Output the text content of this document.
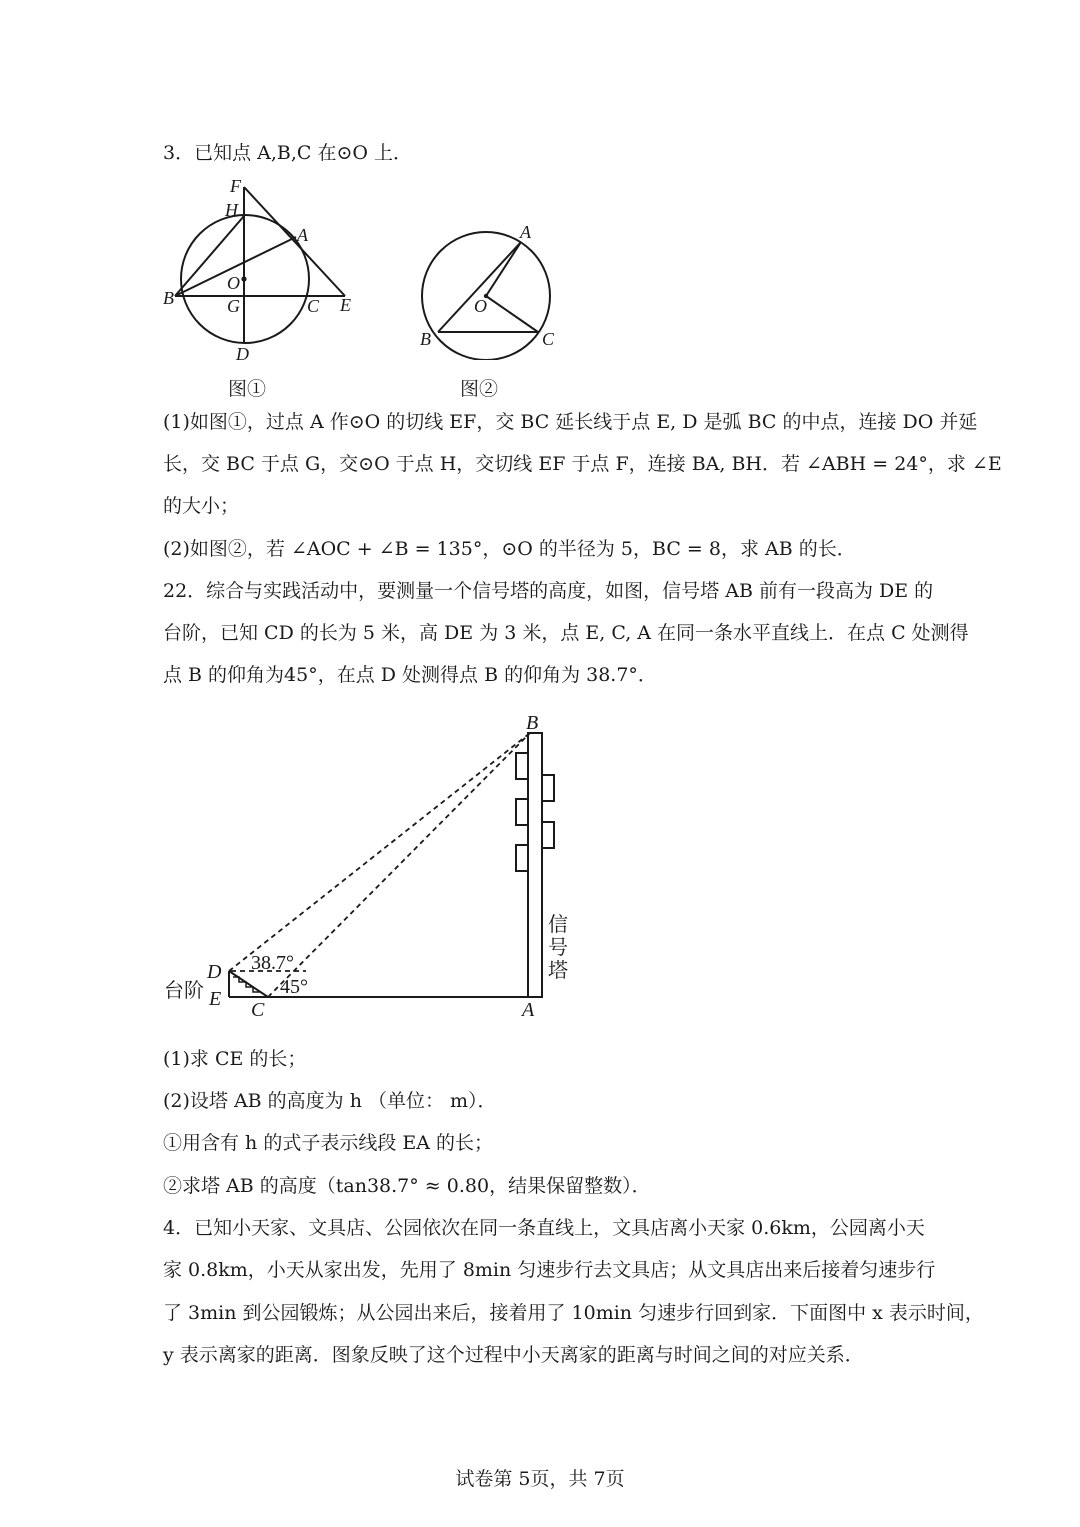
3．已知点 A,B,C 在⊙O 上．
F
H
A
O
B	G	C E
D
图①
A
O
B	C
图②
(1)如图①，过点 A 作⊙O 的切线 EF，交 BC 延长线于点 E, D 是弧 BC 的中点，连接 DO 并延
长，交 BC 于点 G，交⊙O 于点 H，交切线 EF 于点 F，连接 BA, BH．若 ∠ABH = 24°，求 ∠E
的大小；
(2)如图②，若 ∠AOC + ∠B = 135°，⊙O 的半径为 5，BC = 8，求 AB 的长．
22．综合与实践活动中，要测量一个信号塔的高度，如图，信号塔 AB 前有一段高为 DE 的
台阶，已知 CD 的长为 5 米，高 DE 为 3 米，点 E, C, A 在同一条水平直线上．在点 C 处测得
点 B 的仰角为45°，在点 D 处测得点 B 的仰角为 38.7°．
B
D
E C	A
台阶
38.7°
45°
信
号
塔
(1)求 CE 的长；
(2)设塔 AB 的高度为 h （单位： m）．
①用含有 h 的式子表示线段 EA 的长；
②求塔 AB 的高度（tan38.7° ≈ 0.80，结果保留整数）．
4．已知小天家、文具店、公园依次在同一条直线上，文具店离小天家 0.6km，公园离小天
家 0.8km，小天从家出发，先用了 8min 匀速步行去文具店；从文具店出来后接着匀速步行
了 3min 到公园锻炼；从公园出来后，接着用了 10min 匀速步行回到家．下面图中 x 表示时间，
y 表示离家的距离．图象反映了这个过程中小天离家的距离与时间之间的对应关系．
试卷第 5页，共 7页
